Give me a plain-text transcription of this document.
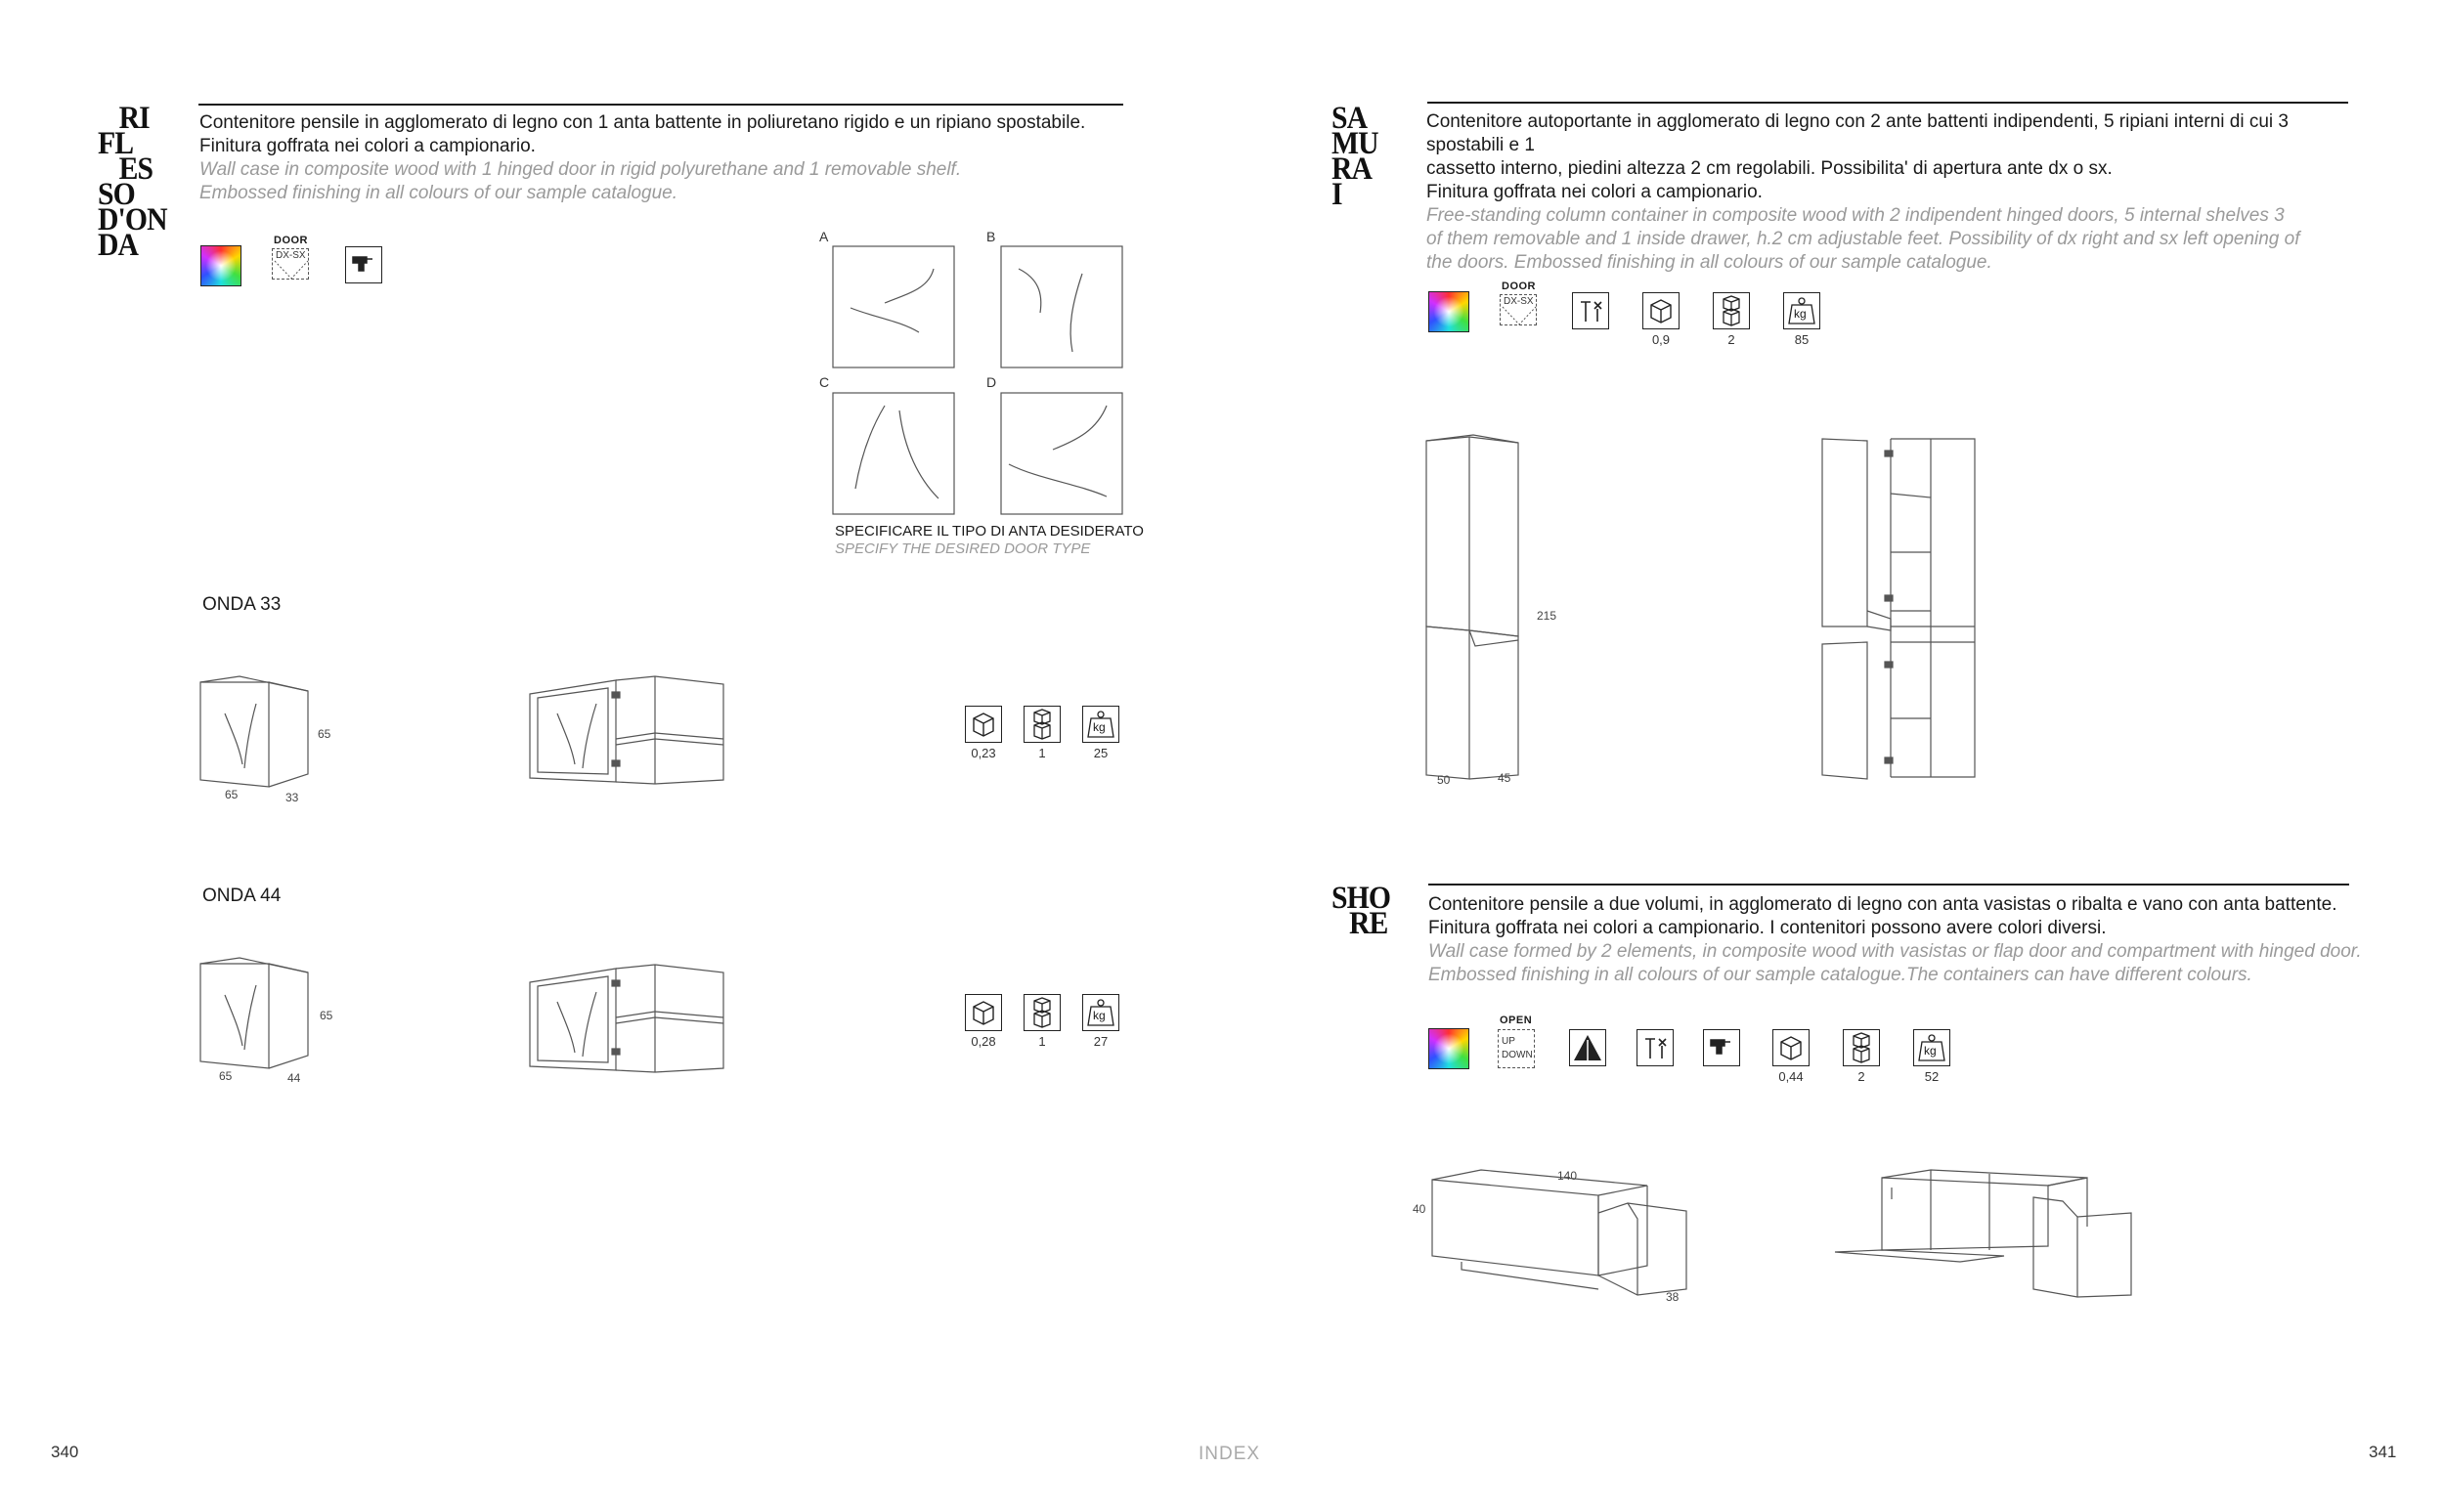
RI
FL
ES
SO
D'ON
DA
Contenitore pensile in agglomerato di legno con 1 anta battente in poliuretano rigido e un ripiano spostabile.
Finitura goffrata nei colori a campionario.
Wall case in composite wood with 1 hinged door in rigid polyurethane and 1 removable shelf.
Embossed finishing in all colours of our sample catalogue.
DOOR
DX-SX
A	B
C	D
SPECIFICARE IL TIPO DI ANTA DESIDERATO
SPECIFY THE DESIRED DOOR TYPE
ONDA 33
65
65	33
0,23	1
kg
25
ONDA 44
65
65	44
0,28	1
kg
27
340
SA
MU
RA
I
Contenitore autoportante in agglomerato di legno con 2 ante battenti indipendenti, 5 ripiani interni di cui 3 spostabili e 1
cassetto interno, piedini altezza 2 cm regolabili. Possibilita' di apertura ante dx o sx.
Finitura goffrata nei colori a campionario.
Free-standing column container in composite wood with 2 indipendent hinged doors, 5 internal shelves 3
of them removable and 1 inside drawer, h.2 cm adjustable feet. Possibility of dx right and sx left opening of
the doors. Embossed finishing in all colours of our sample catalogue.
DOOR
DX-SX
0,9	2
kg
85
215
50	45
SHO
RE
Contenitore pensile a due volumi, in agglomerato di legno con anta vasistas o ribalta e vano con anta battente.
Finitura goffrata nei colori a campionario. I contenitori possono avere colori diversi.
Wall case formed by 2 elements, in composite wood with vasistas or flap door and compartment with hinged door.
Embossed finishing in all colours of our sample catalogue.The containers can have different colours.
OPEN
UP
DOWN
0,44	2
kg
52
140
40
38
341
INDEX
